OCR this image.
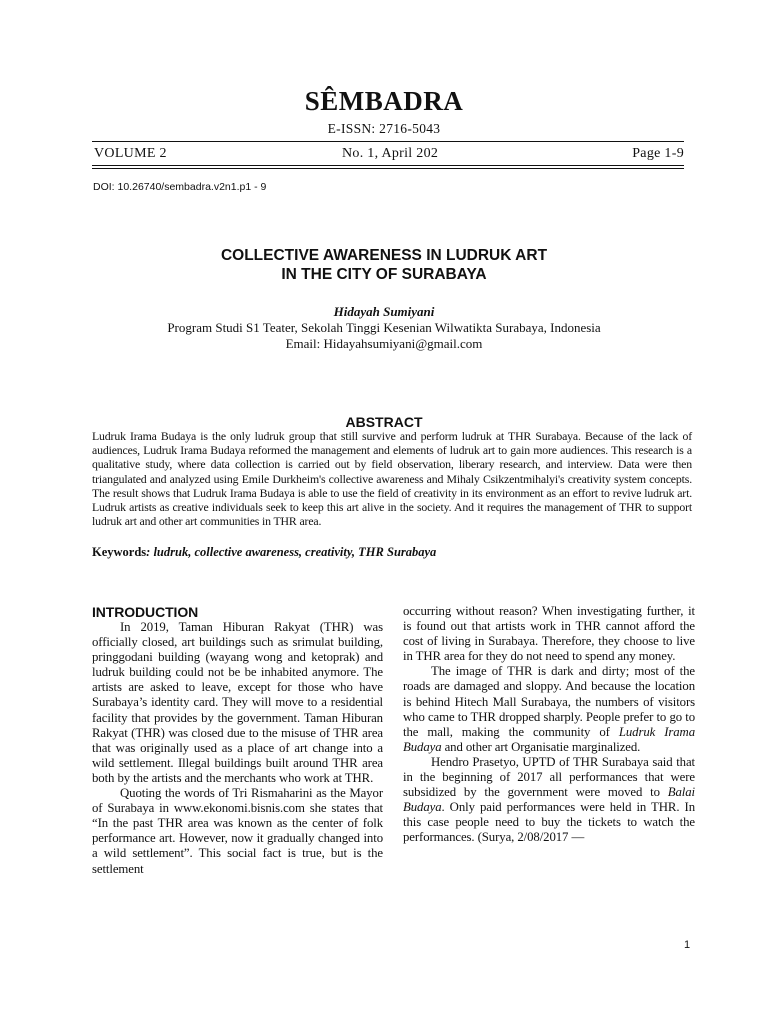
SÊMBADRA
E-ISSN: 2716-5043
VOLUME 2	No. 1, April 202	Page 1-9
DOI: 10.26740/sembadra.v2n1.p1 - 9
COLLECTIVE AWARENESS IN LUDRUK ART
IN THE CITY OF SURABAYA
Hidayah Sumiyani
Program Studi S1 Teater, Sekolah Tinggi Kesenian Wilwatikta Surabaya, Indonesia
Email: Hidayahsumiyani@gmail.com
ABSTRACT
Ludruk Irama Budaya is the only ludruk group that still survive and perform ludruk at THR Surabaya. Because of the lack of audiences, Ludruk Irama Budaya reformed the management and elements of ludruk art to gain more audiences. This research is a qualitative study, where data collection is carried out by field observation, liberary research, and interview. Data were then triangulated and analyzed using Emile Durkheim's collective awareness and Mihaly Csikzentmihalyi's creativity system concepts. The result shows that Ludruk Irama Budaya is able to use the field of creativity in its environment as an effort to revive ludruk art. Ludruk artists as creative individuals seek to keep this art alive in the society. And it requires the management of THR to support ludruk art and other art communities in THR area.
Keywords: ludruk, collective awareness, creativity, THR Surabaya
INTRODUCTION

In 2019, Taman Hiburan Rakyat (THR) was officially closed, art buildings such as srimulat building, pringgodani building (wayang wong and ketoprak) and ludruk building could not be be inhabited anymore. The artists are asked to leave, except for those who have Surabaya’s identity card. They will move to a residential facility that provides by the government. Taman Hiburan Rakyat (THR) was closed due to the misuse of THR area that was originally used as a place of art change into a wild settlement. Illegal buildings built around THR area both by the artists and the merchants who work at THR.

Quoting the words of Tri Rismaharini as the Mayor of Surabaya in www.ekonomi.bisnis.com she states that “In the past THR area was known as the center of folk performance art. However, now it gradually changed into a wild settlement”. This social fact is true, but is the settlement

occurring without reason? When investigating further, it is found out that artists work in THR cannot afford the cost of living in Surabaya. Therefore, they choose to live in THR area for they do not need to spend any money.

The image of THR is dark and dirty; most of the roads are damaged and sloppy. And because the location is behind Hitech Mall Surabaya, the numbers of visitors who came to THR dropped sharply. People prefer to go to the mall, making the community of Ludruk Irama Budaya and other art Organisatie marginalized.

Hendro Prasetyo, UPTD of THR Surabaya said that in the beginning of 2017 all performances that were subsidized by the government were moved to Balai Budaya. Only paid performances were held in THR. In this case people need to buy the tickets to watch the performances. (Surya, 2/08/2017 —

1
